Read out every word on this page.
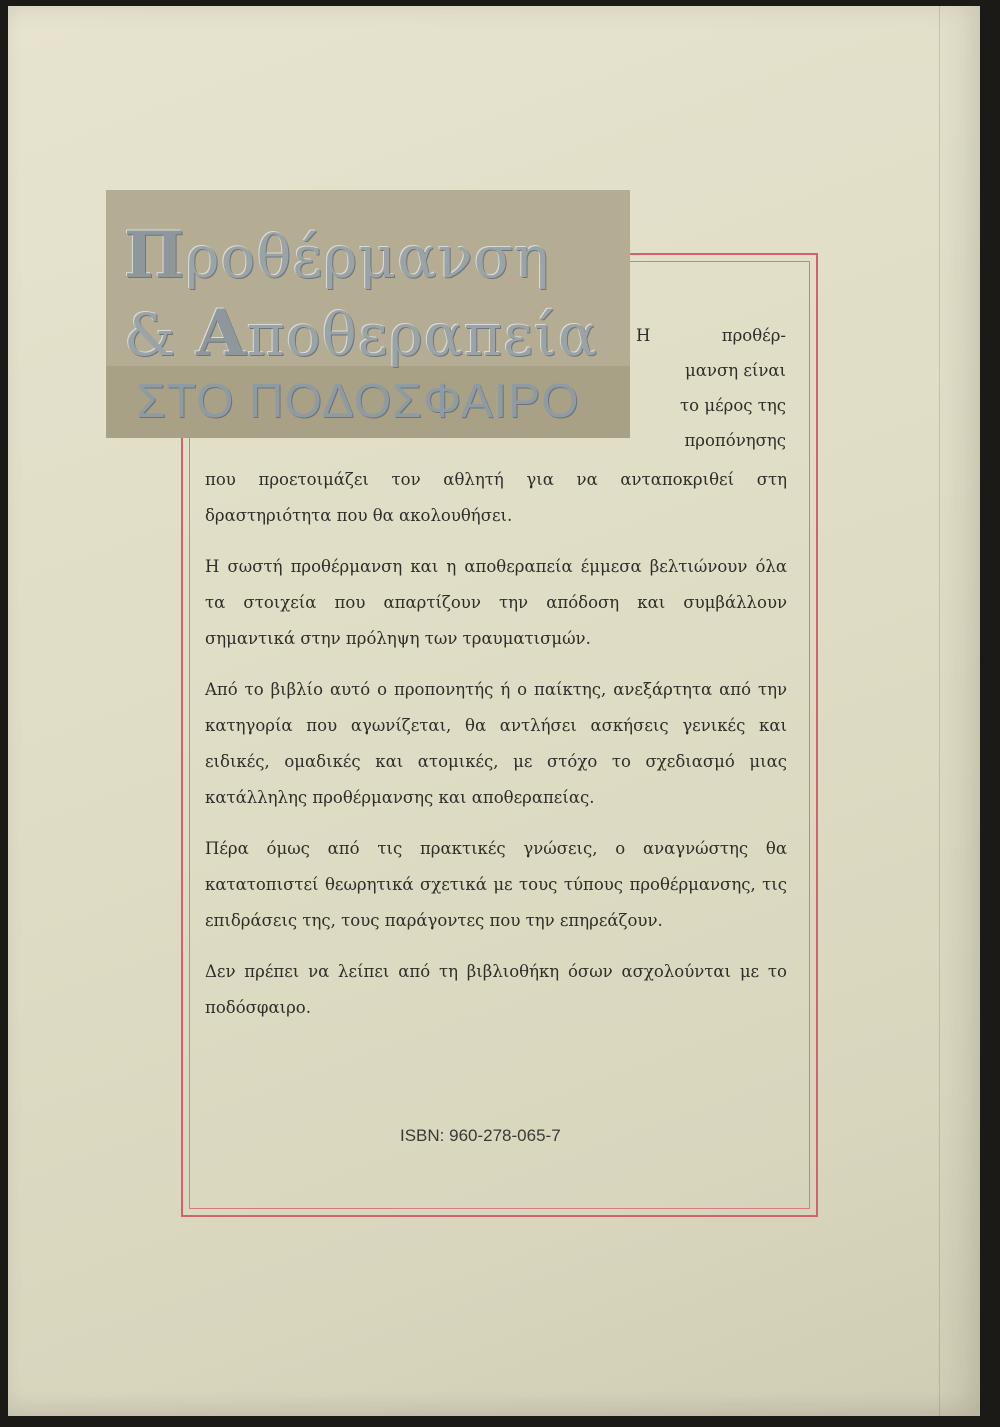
Προθέρμανση
& Αποθεραπεία
ΣΤΟ ΠΟΔΟΣΦΑΙΡΟ
Η προθέρ-
μανση είναι
το μέρος της
προπόνησης

που προετοιμάζει τον αθλητή για να ανταποκριθεί στη δραστηριότητα που θα ακολουθήσει.

Η σωστή προθέρμανση και η αποθεραπεία έμμεσα βελτιώνουν όλα τα στοιχεία που απαρτίζουν την απόδοση και συμβάλλουν σημαντικά στην πρόληψη των τραυματισμών.

Από το βιβλίο αυτό ο προπονητής ή ο παίκτης, ανεξάρτητα από την κατηγορία που αγωνίζεται, θα αντλήσει ασκήσεις γενικές και ειδικές, ομαδικές και ατομικές, με στόχο το σχεδιασμό μιας κατάλληλης προθέρμανσης και αποθεραπείας.

Πέρα όμως από τις πρακτικές γνώσεις, ο αναγνώστης θα κατατοπιστεί θεωρητικά σχετικά με τους τύπους προθέρμανσης, τις επιδράσεις της, τους παράγοντες που την επηρεάζουν.

Δεν πρέπει να λείπει από τη βιβλιοθήκη όσων ασχολούνται με το ποδόσφαιρο.

ISBN: 960-278-065-7
